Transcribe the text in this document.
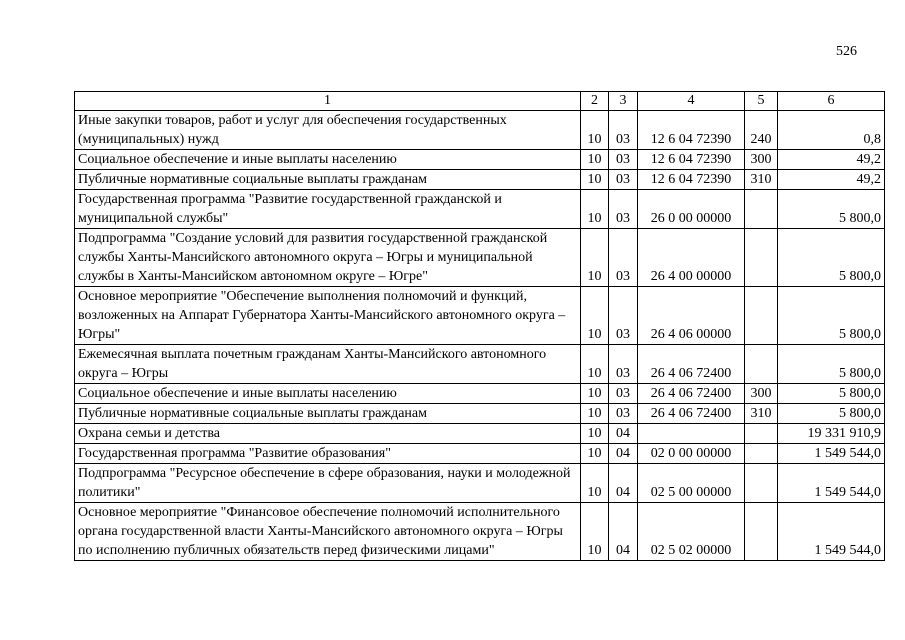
526
1	2	3	4	5	6
Иные закупки товаров, работ и услуг для обеспечения государственных (муниципальных) нужд	10	03	12 6 04 72390	240	0,8
Социальное обеспечение и иные выплаты населению	10	03	12 6 04 72390	300	49,2
Публичные нормативные социальные выплаты гражданам	10	03	12 6 04 72390	310	49,2
Государственная программа "Развитие государственной гражданской и муниципальной службы"	10	03	26 0 00 00000		5 800,0
Подпрограмма "Создание условий для развития государственной гражданской службы Ханты-Мансийского автономного округа – Югры и муниципальной службы в Ханты-Мансийском автономном округе – Югре"	10	03	26 4 00 00000		5 800,0
Основное мероприятие "Обеспечение выполнения полномочий и функций, возложенных на Аппарат Губернатора Ханты-Мансийского автономного округа – Югры"	10	03	26 4 06 00000		5 800,0
Ежемесячная выплата почетным гражданам Ханты-Мансийского автономного округа – Югры	10	03	26 4 06 72400		5 800,0
Социальное обеспечение и иные выплаты населению	10	03	26 4 06 72400	300	5 800,0
Публичные нормативные социальные выплаты гражданам	10	03	26 4 06 72400	310	5 800,0
Охрана семьи и детства	10	04			19 331 910,9
Государственная программа "Развитие образования"	10	04	02 0 00 00000		1 549 544,0
Подпрограмма "Ресурсное обеспечение в сфере образования, науки и молодежной политики"	10	04	02 5 00 00000		1 549 544,0
Основное мероприятие "Финансовое обеспечение полномочий исполнительного органа государственной власти Ханты-Мансийского автономного округа – Югры по исполнению публичных обязательств перед физическими лицами"	10	04	02 5 02 00000		1 549 544,0
